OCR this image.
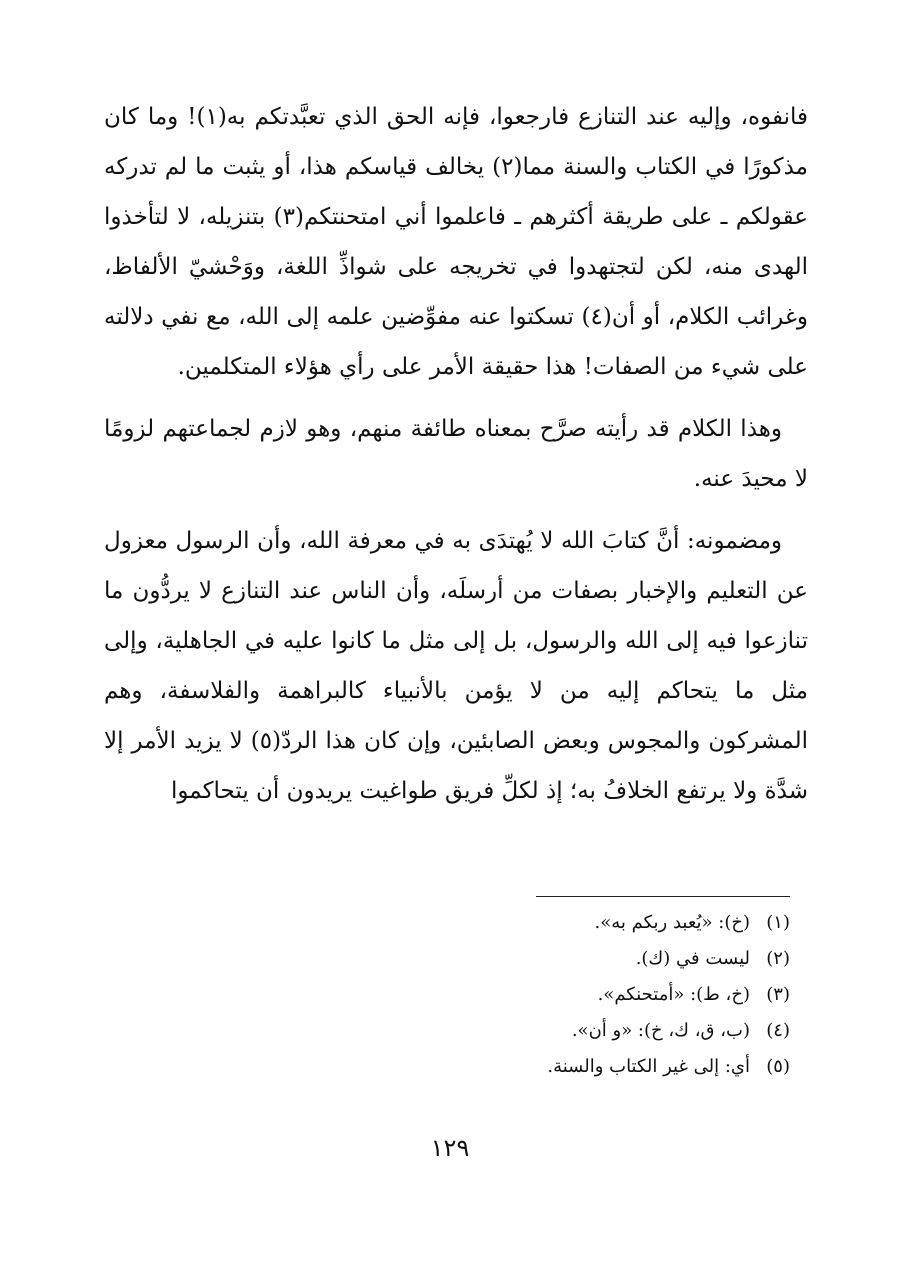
فانفوه، وإليه عند التنازع فارجعوا، فإنه الحق الذي تعبَّدتكم به(١)! وما كان مذكورًا في الكتاب والسنة مما(٢) يخالف قياسكم هذا، أو يثبت ما لم تدركه عقولكم ـ على طريقة أكثرهم ـ فاعلموا أني امتحنتكم(٣) بتنزيله، لا لتأخذوا الهدى منه، لكن لتجتهدوا في تخريجه على شواذِّ اللغة، ووَحْشيّ الألفاظ، وغرائب الكلام، أو أن(٤) تسكتوا عنه مفوِّضين علمه إلى الله، مع نفي دلالته على شيء من الصفات! هذا حقيقة الأمر على رأي هؤلاء المتكلمين.

وهذا الكلام قد رأيته صرَّح بمعناه طائفة منهم، وهو لازم لجماعتهم لزومًا لا محيدَ عنه.

ومضمونه: أنَّ كتابَ الله لا يُهتدَى به في معرفة الله، وأن الرسول معزول عن التعليم والإخبار بصفات من أرسلَه، وأن الناس عند التنازع لا يردُّون ما تنازعوا فيه إلى الله والرسول، بل إلى مثل ما كانوا عليه في الجاهلية، وإلى مثل ما يتحاكم إليه من لا يؤمن بالأنبياء كالبراهمة والفلاسفة، وهم المشركون والمجوس وبعض الصابئين، وإن كان هذا الردّ(٥) لا يزيد الأمر إلا شدَّة ولا يرتفع الخلافُ به؛ إذ لكلِّ فريق طواغيت يريدون أن يتحاكموا

(١)(خ): «يُعبد ربكم به».
(٢)ليست في (ك).
(٣)(خ، ط): «أمتحنكم».
(٤)(ب، ق، ك، خ): «و أن».
(٥)أي: إلى غير الكتاب والسنة.
١٢٩
